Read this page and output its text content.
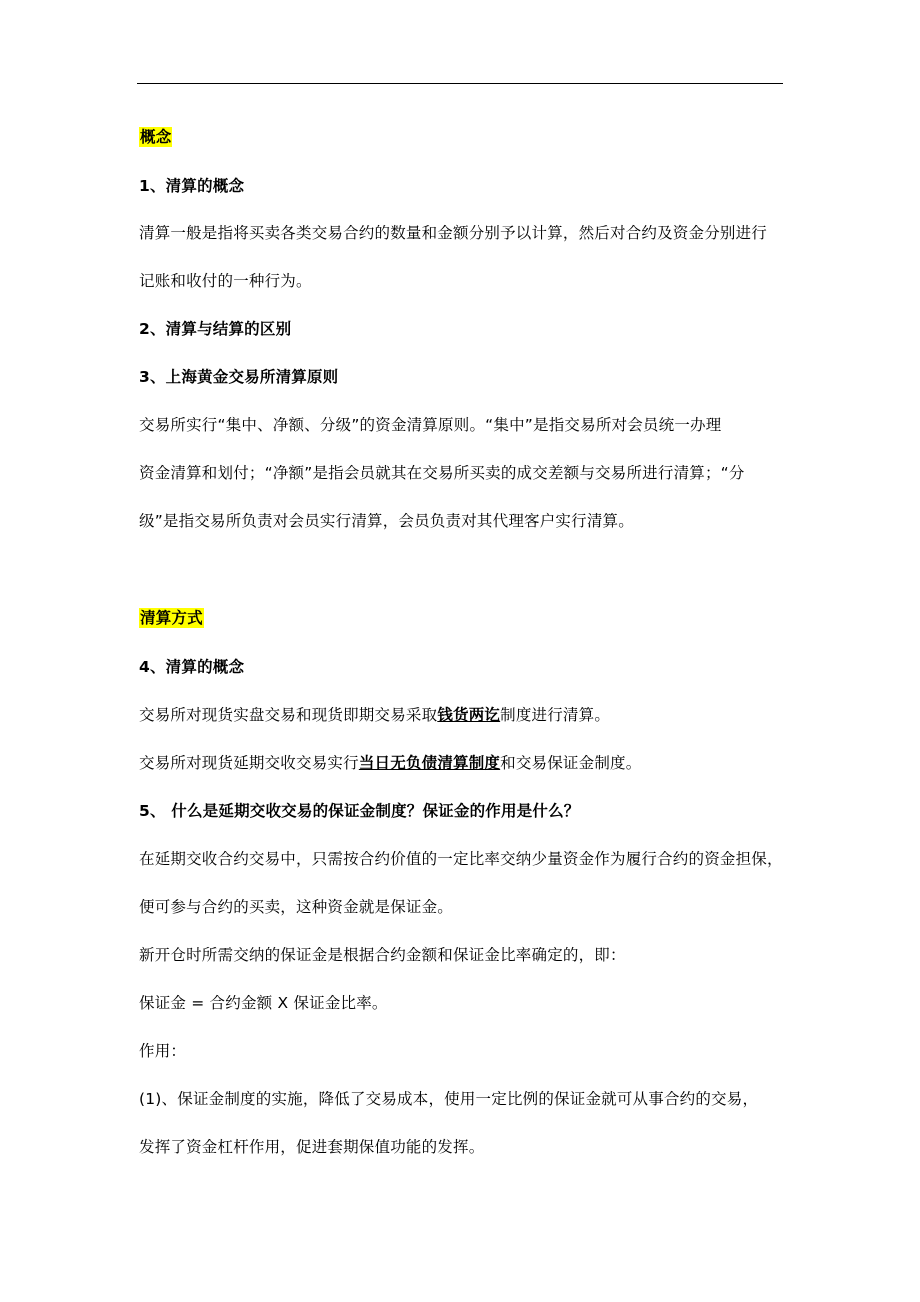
概念
1、清算的概念
清算一般是指将买卖各类交易合约的数量和金额分别予以计算，然后对合约及资金分别进行
记账和收付的一种行为。
2、清算与结算的区别
3、上海黄金交易所清算原则
交易所实行“集中、净额、分级”的资金清算原则。“集中”是指交易所对会员统一办理
资金清算和划付；“净额”是指会员就其在交易所买卖的成交差额与交易所进行清算；“分
级”是指交易所负责对会员实行清算，会员负责对其代理客户实行清算。
清算方式
4、清算的概念
交易所对现货实盘交易和现货即期交易采取钱货两讫制度进行清算。
交易所对现货延期交收交易实行当日无负债清算制度和交易保证金制度。
5、 什么是延期交收交易的保证金制度？保证金的作用是什么？
在延期交收合约交易中，只需按合约价值的一定比率交纳少量资金作为履行合约的资金担保，
便可参与合约的买卖，这种资金就是保证金。
新开仓时所需交纳的保证金是根据合约金额和保证金比率确定的，即：
保证金 = 合约金额 X 保证金比率。
作用：
(1)、保证金制度的实施，降低了交易成本，使用一定比例的保证金就可从事合约的交易，
发挥了资金杠杆作用，促进套期保值功能的发挥。
